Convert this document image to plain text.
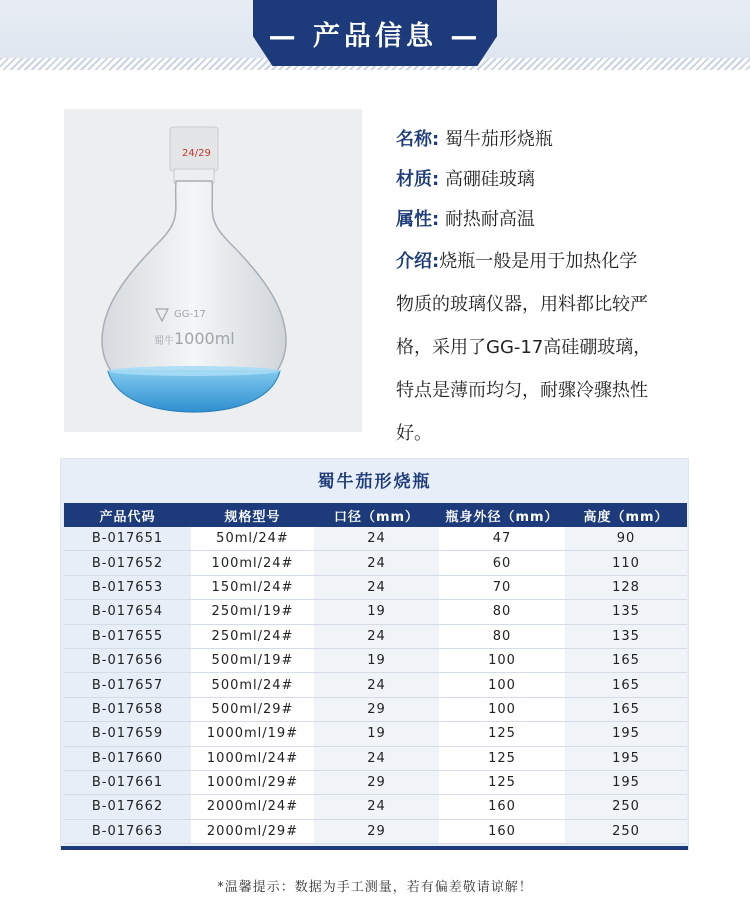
— 产品信息 —
24/29
GG-17
1000ml
蜀牛
名称: 蜀牛茄形烧瓶
材质: 高硼硅玻璃
属性: 耐热耐高温
介绍:烧瓶一般是用于加热化学
物质的玻璃仪器，用料都比较严
格，采用了GG-17高硅硼玻璃，
特点是薄而均匀，耐骤冷骤热性
好。
蜀牛茄形烧瓶
产品代码	规格型号	口径（mm）	瓶身外径（mm）	高度（mm）
B-017651	50ml/24#	24	47	90
B-017652	100ml/24#	24	60	110
B-017653	150ml/24#	24	70	128
B-017654	250ml/19#	19	80	135
B-017655	250ml/24#	24	80	135
B-017656	500ml/19#	19	100	165
B-017657	500ml/24#	24	100	165
B-017658	500ml/29#	29	100	165
B-017659	1000ml/19#	19	125	195
B-017660	1000ml/24#	24	125	195
B-017661	1000ml/29#	29	125	195
B-017662	2000ml/24#	24	160	250
B-017663	2000ml/29#	29	160	250
*温馨提示：数据为手工测量，若有偏差敬请谅解！
